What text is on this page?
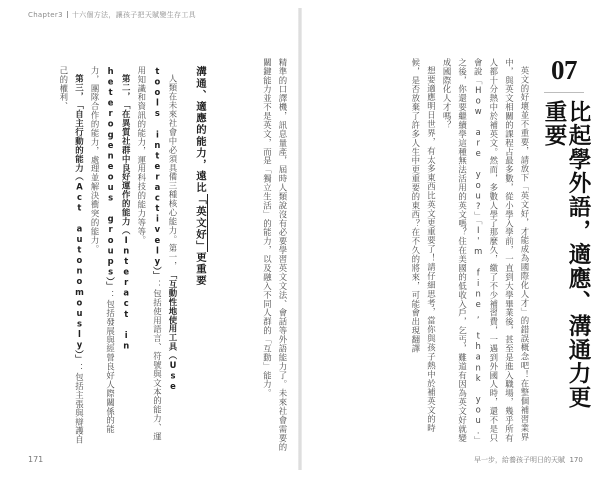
Chapter3 十六個方法，讓孩子把天賦變生存工具

精準的口譯機，訊息量產，屆時人類說沒有必要學習英文文法、會話等外語能力了。未來社會需要的關鍵能力並不是英文，而是「獨立生活」的能力，以及融入不同人群的「互動」能力。

溝通、適應的能力，遠比「英文好」更重要

人類在未來社會中必須具備三種核心能力。第一，「互動性地使用工具（Use tools interactively）」：包括使用語言、符號與文本的能力、運用知識和資訊的能力，運用科技的能力等等。

第二，「在異質社群中良好運作的能力（Interact in heterogeneous groups）」：包括發展與經營良好人際關係的能力，團隊合作的能力，處理並解決衝突的能力。

第三，「自主行動的能力（Act autonomously）」：包括主張與辯護自己的權利、

171
07
比起學外語，適應、溝通力更重要

英文的好壞並不重要，請放下「英文好，才能成為國際化人才」的錯誤概念吧！在整個補習業界中，與英文相關的課程占最多數，從小學入學前，一直到大學畢業後，甚至是進入職場，幾乎所有人都十分熱中於補英文。然而，多數人學了那麼久，繳了不少補習費，一遇到外國人時，還不是只會說「How are you?」「I'm fine, thank you.」之後，你還要繼續學這種無法活用的英文嗎？住在美國的低收入戶，乞丐，難道有因為英文好就變成國際化人才嗎？

想要適應明日世界，有太多東西比英文更重要了！請仔細思考，當你與孩子熱中於補英文的時候，是否放棄了許多人生中更重要的東西？在不久的將來，可能會出現翻譯

早一步，給養孩子明日的天賦 170
